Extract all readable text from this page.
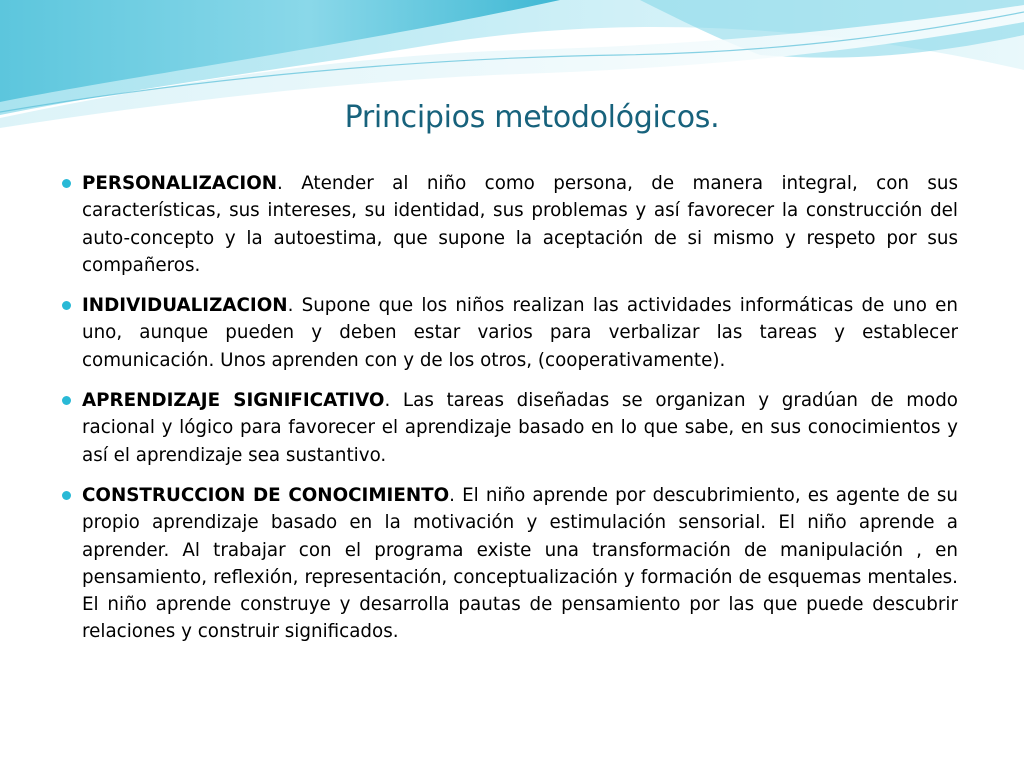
Principios metodológicos.
PERSONALIZACION. Atender al niño como persona, de manera integral, con sus características, sus intereses, su identidad, sus problemas y así favorecer la construcción del auto-concepto y la autoestima, que supone la aceptación de si mismo y respeto por sus compañeros.
INDIVIDUALIZACION. Supone que los niños realizan las actividades informáticas de uno en uno, aunque pueden y deben estar varios para verbalizar las tareas y establecer comunicación. Unos aprenden con y de los otros, (cooperativamente).
APRENDIZAJE SIGNIFICATIVO. Las tareas diseñadas se organizan y gradúan de modo racional y lógico para favorecer el aprendizaje basado en lo que sabe, en sus conocimientos y así el aprendizaje sea sustantivo.
CONSTRUCCION DE CONOCIMIENTO. El niño aprende por descubrimiento, es agente de su propio aprendizaje basado en la motivación y estimulación sensorial. El niño aprende a aprender. Al trabajar con el programa existe una transformación de manipulación , en pensamiento, reflexión, representación, conceptualización y formación de esquemas mentales. El niño aprende construye y desarrolla pautas de pensamiento por las que puede descubrir relaciones y construir significados.
